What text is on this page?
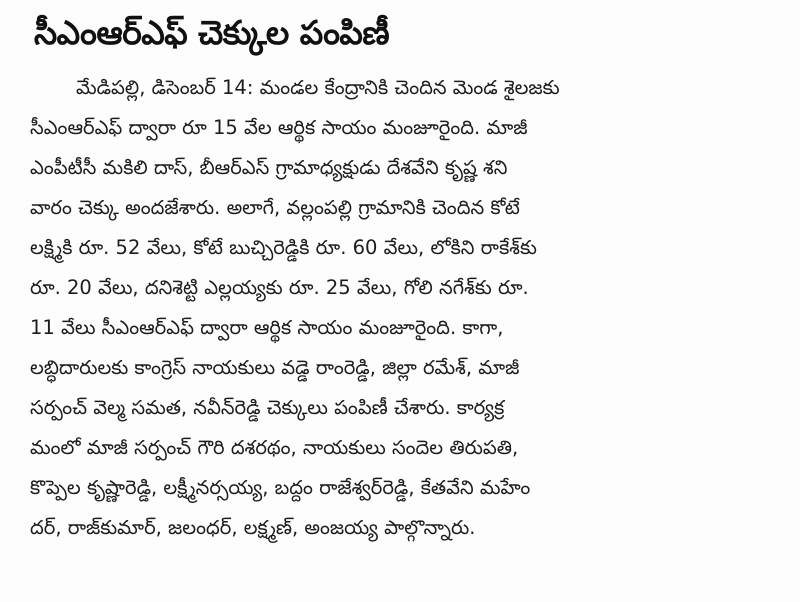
సీఎంఆర్ఎఫ్ చెక్కుల పంపిణీ
మేడిపల్లి, డిసెంబర్ 14: మండల కేంద్రానికి చెందిన మెండ శైలజకు
సీఎంఆర్ఎఫ్ ద్వారా రూ 15 వేల ఆర్థిక సాయం మంజూరైంది. మాజీ
ఎంపీటీసీ మకిలి దాస్, బీఆర్ఎస్ గ్రామాధ్యక్షుడు దేశవేని కృష్ణ శని
వారం చెక్కు అందజేశారు. అలాగే, వల్లంపల్లి గ్రామానికి చెందిన కోటే
లక్ష్మికి రూ. 52 వేలు, కోటే బుచ్చిరెడ్డికి రూ. 60 వేలు, లోకిని రాకేశ్‌కు
రూ. 20 వేలు, దనిశెట్టి ఎల్లయ్యకు రూ. 25 వేలు, గోలి నగేశ్‌కు రూ.
11 వేలు సీఎంఆర్ఎఫ్ ద్వారా ఆర్థిక సాయం మంజూరైంది. కాగా,
లబ్ధిదారులకు కాంగ్రెస్ నాయకులు వడ్డె రాంరెడ్డి, జిల్లా రమేశ్, మాజీ
సర్పంచ్ వెల్మ సమత, నవీన్‌రెడ్డి చెక్కులు పంపిణీ చేశారు. కార్యక్ర
మంలో మాజీ సర్పంచ్ గౌరి దశరథం, నాయకులు సందెల తిరుపతి,
కొప్పెల కృష్ణారెడ్డి, లక్ష్మీనర్సయ్య, బద్దం రాజేశ్వర్‌రెడ్డి, కేతవేని మహేం
దర్, రాజ్‌కుమార్, జలంధర్, లక్ష్మణ్, అంజయ్య పాల్గొన్నారు.
